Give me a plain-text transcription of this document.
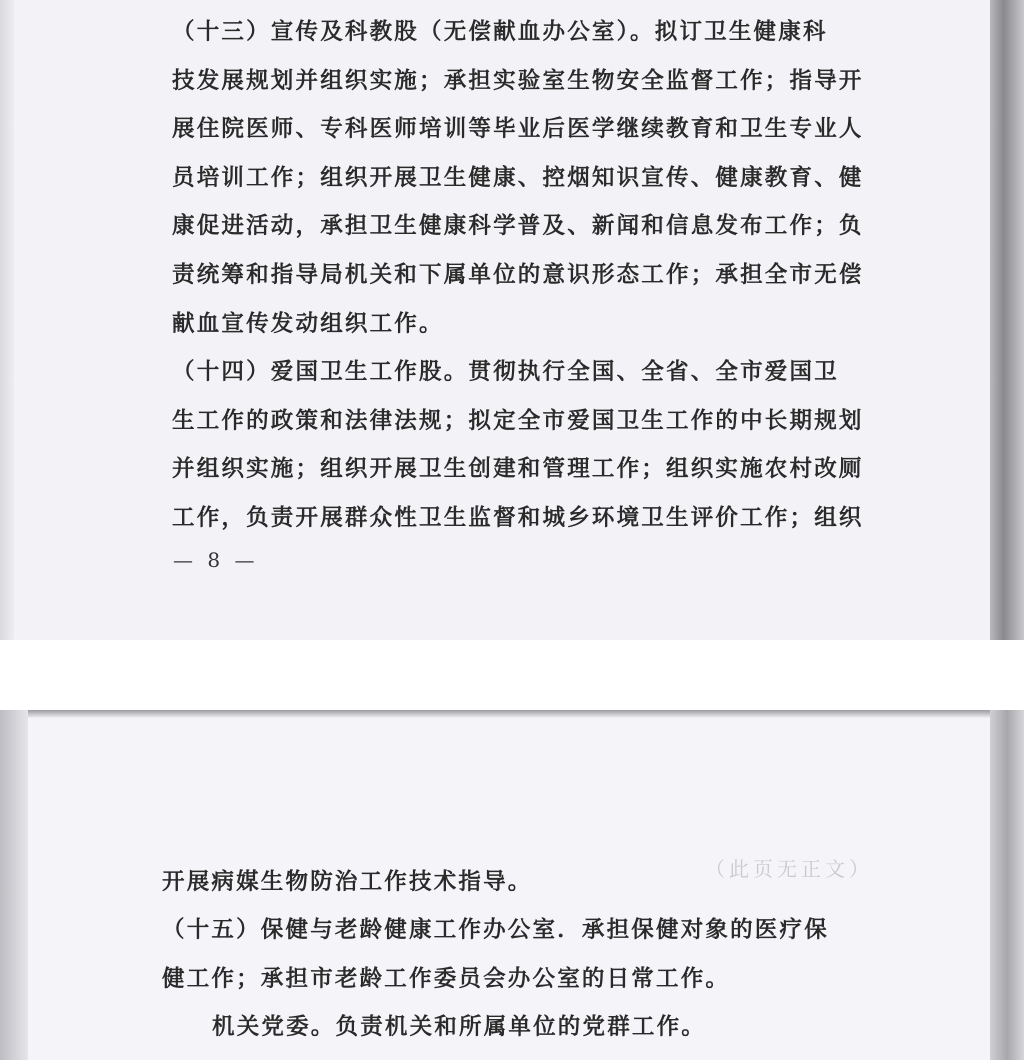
（十三）宣传及科教股（无偿献血办公室）。拟订卫生健康科
技发展规划并组织实施；承担实验室生物安全监督工作；指导开
展住院医师、专科医师培训等毕业后医学继续教育和卫生专业人
员培训工作；组织开展卫生健康、控烟知识宣传、健康教育、健
康促进活动，承担卫生健康科学普及、新闻和信息发布工作；负
责统筹和指导局机关和下属单位的意识形态工作；承担全市无偿
献血宣传发动组织工作。
（十四）爱国卫生工作股。贯彻执行全国、全省、全市爱国卫
生工作的政策和法律法规；拟定全市爱国卫生工作的中长期规划
并组织实施；组织开展卫生创建和管理工作；组织实施农村改厕
工作，负责开展群众性卫生监督和城乡环境卫生评价工作；组织
— 8 —
（此页无正文）
开展病媒生物防治工作技术指导。
（十五）保健与老龄健康工作办公室．承担保健对象的医疗保
健工作；承担市老龄工作委员会办公室的日常工作。
机关党委。负责机关和所属单位的党群工作。
